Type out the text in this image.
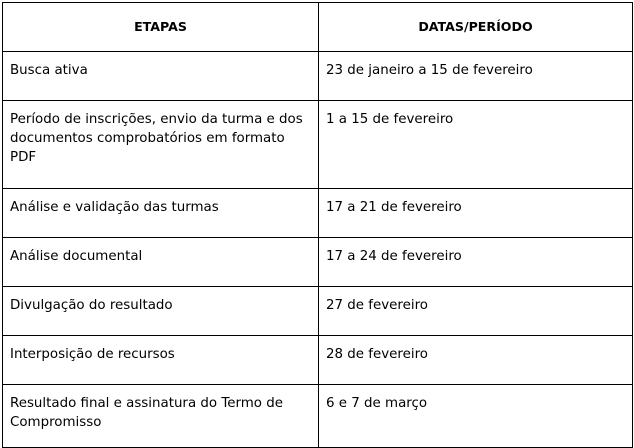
ETAPAS	DATAS/PERÍODO
Busca ativa	23 de janeiro a 15 de fevereiro
Período de inscrições, envio da turma e dos documentos comprobatórios em formato PDF	1 a 15 de fevereiro
Análise e validação das turmas	17 a 21 de fevereiro
Análise documental	17 a 24 de fevereiro
Divulgação do resultado	27 de fevereiro
Interposição de recursos	28 de fevereiro
Resultado final e assinatura do Termo de Compromisso	6 e 7 de março
